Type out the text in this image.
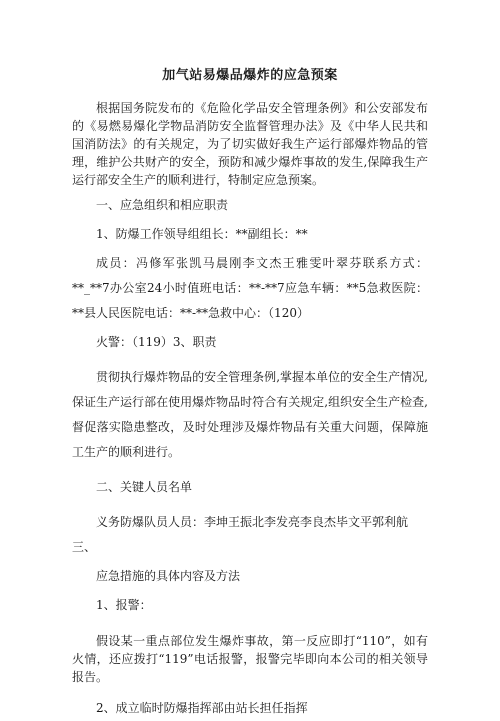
加气站易爆品爆炸的应急预案

根据国务院发布的《危险化学品安全管理条例》和公安部发布的《易燃易爆化学物品消防安全监督管理办法》及《中华人民共和国消防法》的有关规定，为了切实做好我生产运行部爆炸物品的管理，维护公共财产的安全，预防和减少爆炸事故的发生,保障我生产运行部安全生产的顺利进行，特制定应急预案。

一、应急组织和相应职责

1、防爆工作领导组组长：**副组长：**

成员：冯修军张凯马晨刚李文杰王雅雯叶翠芬联系方式：**_**7办公室24小时值班电话：**-**7应急车辆：**5急救医院：**县人民医院电话：**-**急救中心：（120）

火警：（119）3、职责

贯彻执行爆炸物品的安全管理条例,掌握本单位的安全生产情况,保证生产运行部在使用爆炸物品时符合有关规定,组织安全生产检查,督促落实隐患整改，及时处理涉及爆炸物品有关重大问题，保障施工生产的顺利进行。

二、关键人员名单

义务防爆队员人员：李坤王振北李发亮李良杰毕文平郭利航三、

应急措施的具体内容及方法

1、报警：

假设某一重点部位发生爆炸事故，第一反应即打“110”，如有火情，还应拨打“119”电话报警，报警完毕即向本公司的相关领导报告。

2、成立临时防爆指挥部由站长担任指挥
